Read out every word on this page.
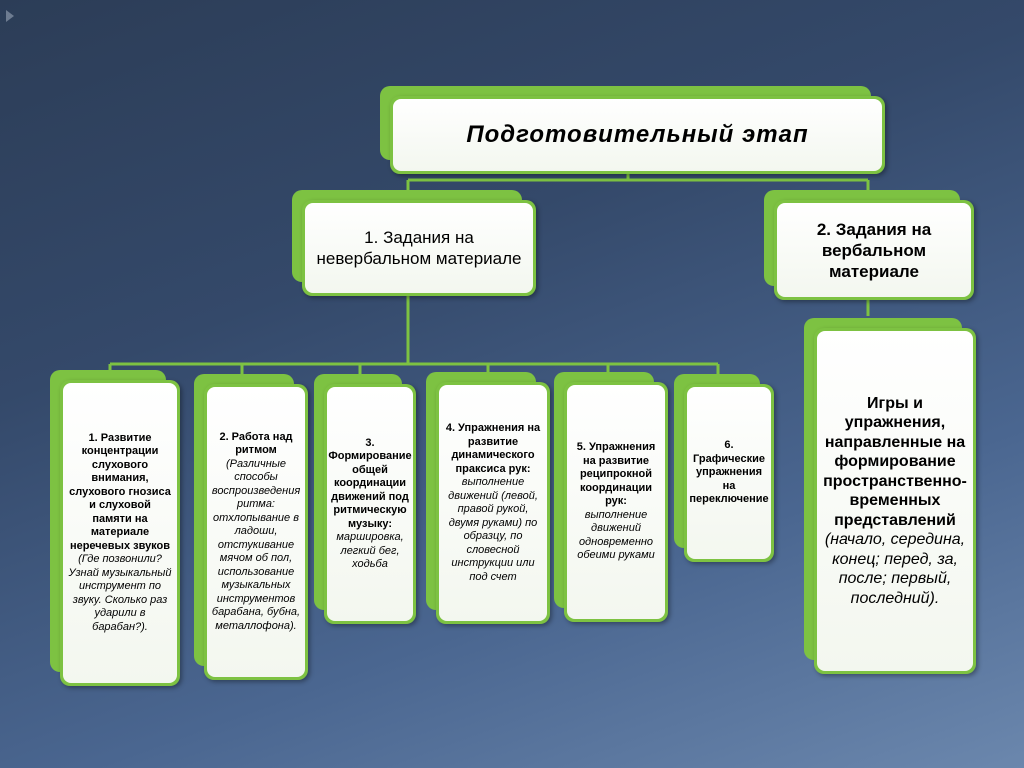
Подготовительный этап
1. Задания на невербальном материале
2. Задания на вербальном материале
1. Развитие концентрации слухового внимания, слухового гнозиса и слуховой памяти на материале неречевых звуков
(Где позвонили? Узнай музыкальный инструмент по звуку. Сколько раз ударили в барабан?).
2. Работа над ритмом
(Различные способы воспроизведения ритма: отхлопывание в ладоши, отстукивание мячом об пол, использование музыкальных инструментов барабана, бубна, металлофона).
3. Формирование общей координации движений под ритмическую музыку:
маршировка, легкий бег, ходьба
4. Упражнения на развитие динамического праксиса рук:
выполнение движений (левой, правой рукой, двумя руками) по образцу, по словесной инструкции или под счет
5. Упражнения на развитие реципрокной координации рук:
выполнение движений одновременно обеими руками
6. Графические упражнения на переключение
Игры и упражнения, направленные на формирование пространственно-временных представлений
(начало, середина, конец; перед, за, после; первый, последний).
